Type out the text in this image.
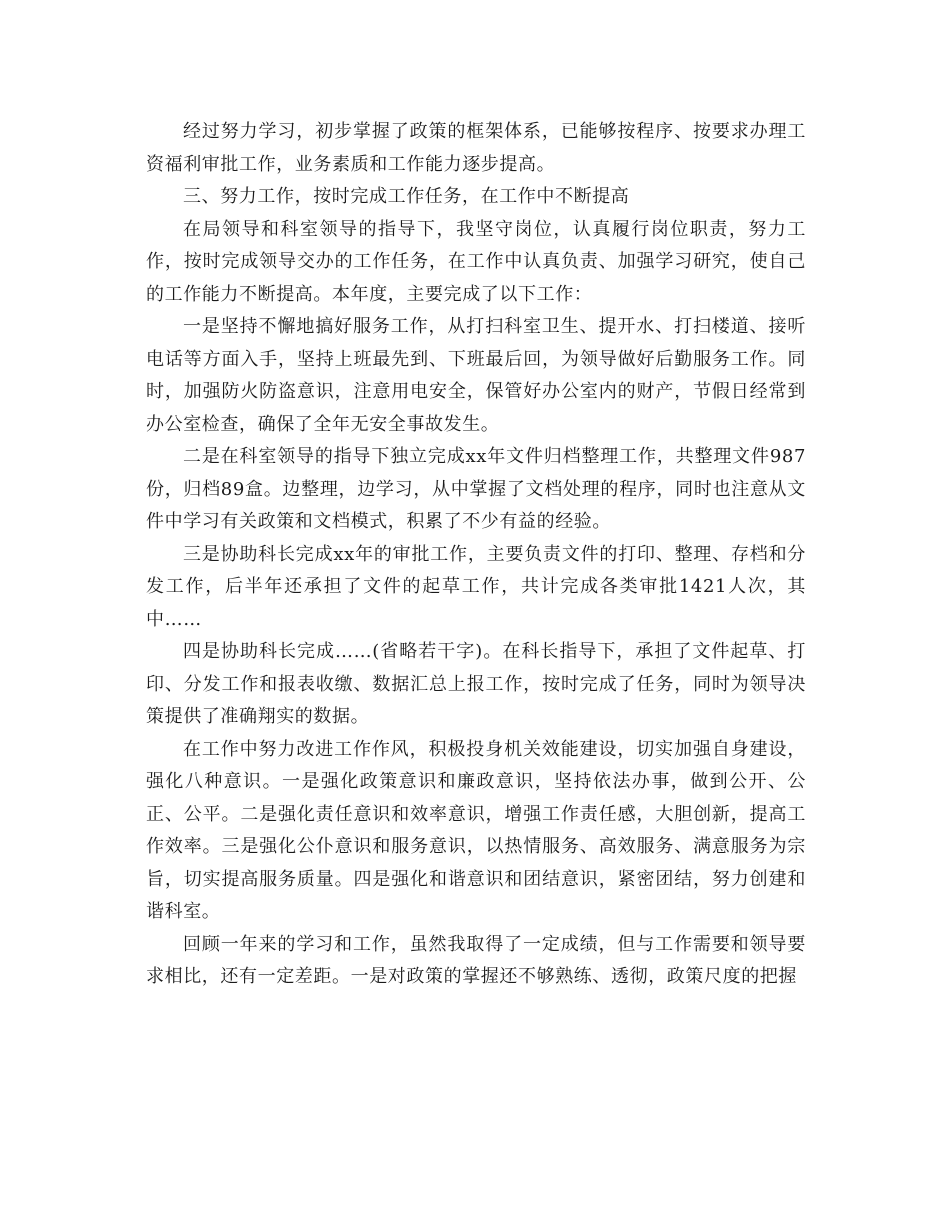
经过努力学习，初步掌握了政策的框架体系，已能够按程序、按要求办理工资福利审批工作，业务素质和工作能力逐步提高。

三、努力工作，按时完成工作任务，在工作中不断提高

在局领导和科室领导的指导下，我坚守岗位，认真履行岗位职责，努力工作，按时完成领导交办的工作任务，在工作中认真负责、加强学习研究，使自己的工作能力不断提高。本年度，主要完成了以下工作：

一是坚持不懈地搞好服务工作，从打扫科室卫生、提开水、打扫楼道、接听电话等方面入手，坚持上班最先到、下班最后回，为领导做好后勤服务工作。同时，加强防火防盗意识，注意用电安全，保管好办公室内的财产，节假日经常到办公室检查，确保了全年无安全事故发生。

二是在科室领导的指导下独立完成xx年文件归档整理工作，共整理文件987份，归档89盒。边整理，边学习，从中掌握了文档处理的程序，同时也注意从文件中学习有关政策和文档模式，积累了不少有益的经验。

三是协助科长完成xx年的审批工作，主要负责文件的打印、整理、存档和分发工作，后半年还承担了文件的起草工作，共计完成各类审批1421人次，其中……

四是协助科长完成……(省略若干字)。在科长指导下，承担了文件起草、打印、分发工作和报表收缴、数据汇总上报工作，按时完成了任务，同时为领导决策提供了准确翔实的数据。

在工作中努力改进工作作风，积极投身机关效能建设，切实加强自身建设，强化八种意识。一是强化政策意识和廉政意识，坚持依法办事，做到公开、公正、公平。二是强化责任意识和效率意识，增强工作责任感，大胆创新，提高工作效率。三是强化公仆意识和服务意识，以热情服务、高效服务、满意服务为宗旨，切实提高服务质量。四是强化和谐意识和团结意识，紧密团结，努力创建和谐科室。

回顾一年来的学习和工作，虽然我取得了一定成绩，但与工作需要和领导要求相比，还有一定差距。一是对政策的掌握还不够熟练、透彻，政策尺度的把握
